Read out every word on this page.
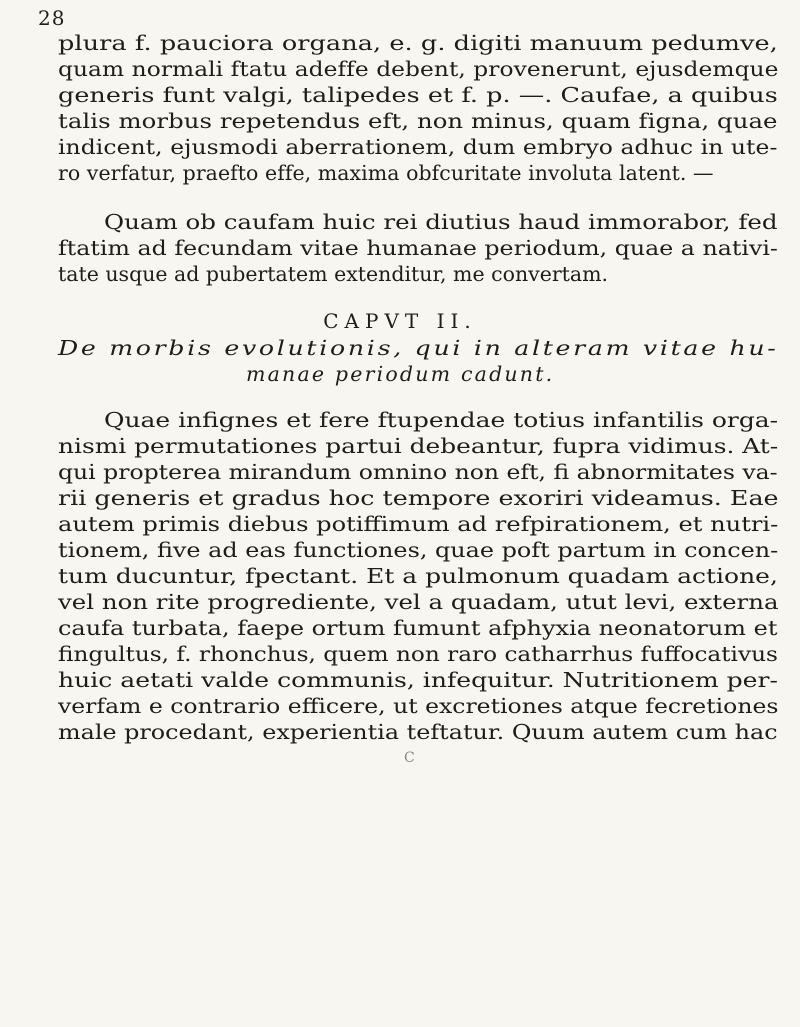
28
plura f. pauciora organa, e. g. digiti manuum pedumve,
quam normali ftatu adeffe debent, provenerunt, ejusdemque
generis funt valgi, talipedes et f. p. —. Caufae, a quibus
talis morbus repetendus eft, non minus, quam figna, quae
indicent, ejusmodi aberrationem, dum embryo adhuc in ute-
ro verfatur, praefto effe, maxima obfcuritate involuta latent. —
Quam ob caufam huic rei diutius haud immorabor, fed
ftatim ad fecundam vitae humanae periodum, quae a nativi-
tate usque ad pubertatem extenditur, me convertam.
CAPVT II.
De morbis evolutionis, qui in alteram vitae hu-
manae periodum cadunt.
Quae infignes et fere ftupendae totius infantilis orga-
nismi permutationes partui debeantur, fupra vidimus. At-
qui propterea mirandum omnino non eft, fi abnormitates va-
rii generis et gradus hoc tempore exoriri videamus. Eae
autem primis diebus potiffimum ad refpirationem, et nutri-
tionem, five ad eas functiones, quae poft partum in concen-
tum ducuntur, fpectant. Et a pulmonum quadam actione,
vel non rite progrediente, vel a quadam, utut levi, externa
caufa turbata, faepe ortum fumunt afphyxia neonatorum et
fingultus, f. rhonchus, quem non raro catharrhus fuffocativus
huic aetati valde communis, infequitur. Nutritionem per-
verfam e contrario efficere, ut excretiones atque fecretiones
male procedant, experientia teftatur. Quum autem cum hac
C
